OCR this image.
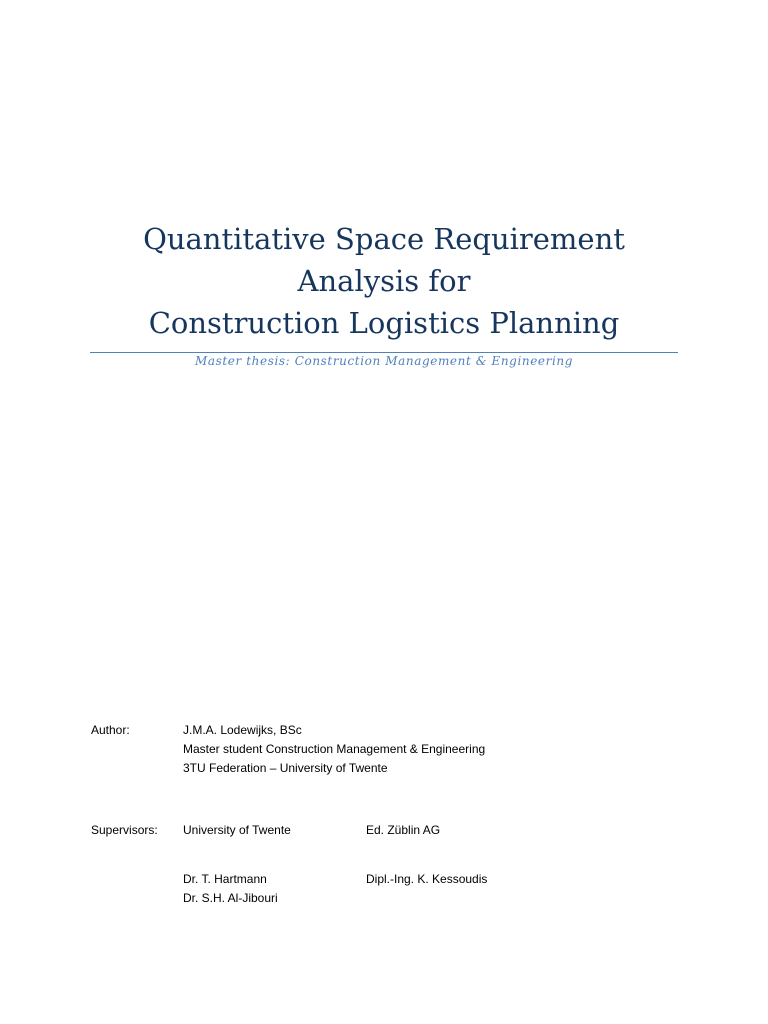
Quantitative Space Requirement
Analysis for
Construction Logistics Planning
Master thesis: Construction Management & Engineering
Author:	J.M.A. Lodewijks, BSc
Master student Construction Management & Engineering
3TU Federation – University of Twente
Supervisors: University of Twente	Ed. Züblin AG
Dr. T. Hartmann
Dr. S.H. Al-Jibouri
Dipl.-Ing. K. Kessoudis
